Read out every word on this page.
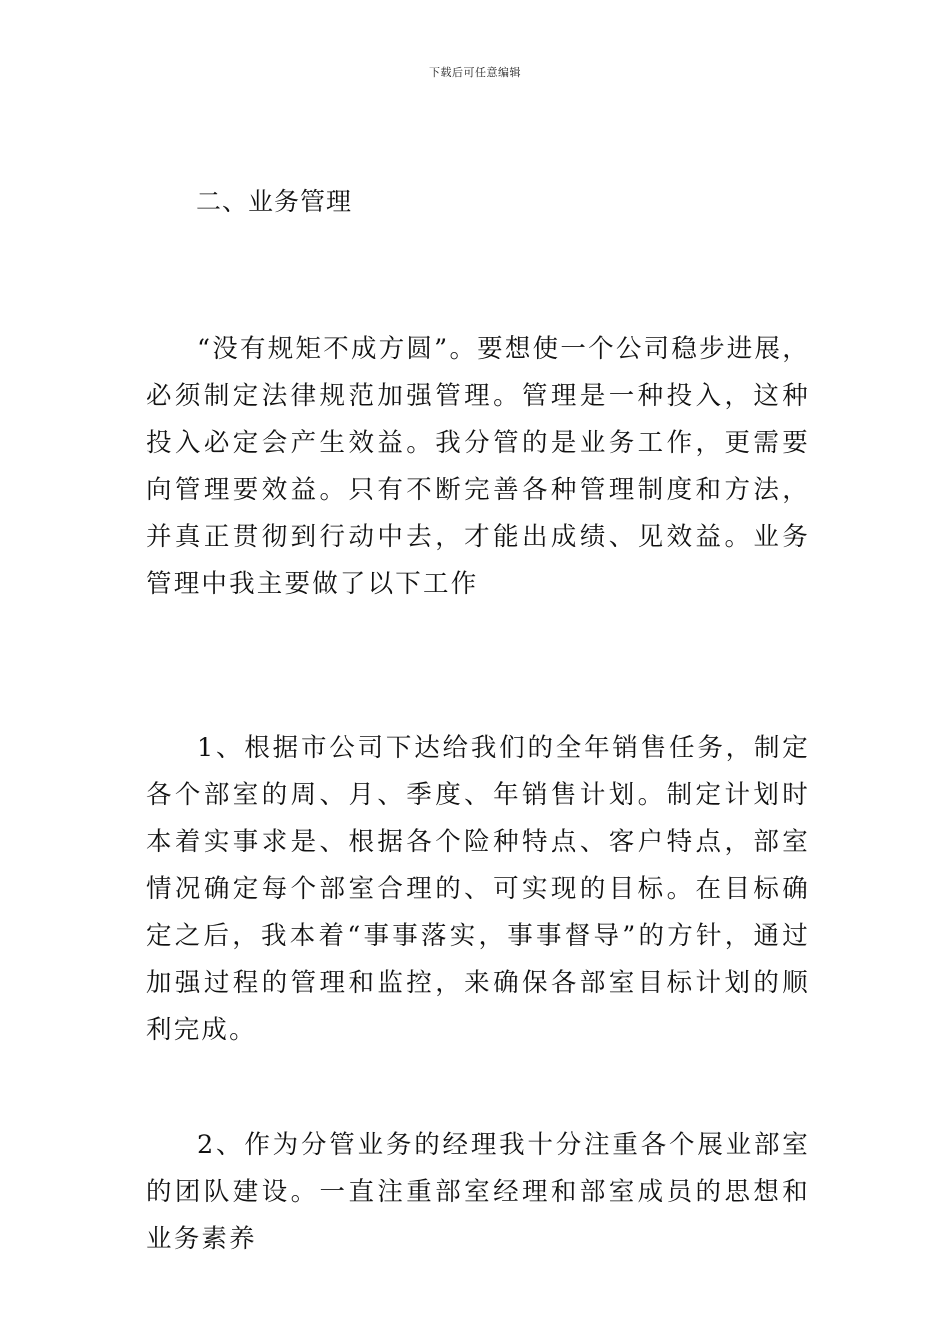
下载后可任意编辑
二、业务管理

“没有规矩不成方圆”。要想使一个公司稳步进展，必须制定法律规范加强管理。管理是一种投入，这种投入必定会产生效益。我分管的是业务工作，更需要向管理要效益。只有不断完善各种管理制度和方法，并真正贯彻到行动中去，才能出成绩、见效益。业务管理中我主要做了以下工作

1、根据市公司下达给我们的全年销售任务，制定各个部室的周、月、季度、年销售计划。制定计划时本着实事求是、根据各个险种特点、客户特点，部室情况确定每个部室合理的、可实现的目标。在目标确定之后，我本着“事事落实，事事督导”的方针，通过加强过程的管理和监控，来确保各部室目标计划的顺利完成。

2、作为分管业务的经理我十分注重各个展业部室的团队建设。一直注重部室经理和部室成员的思想和业务素养
